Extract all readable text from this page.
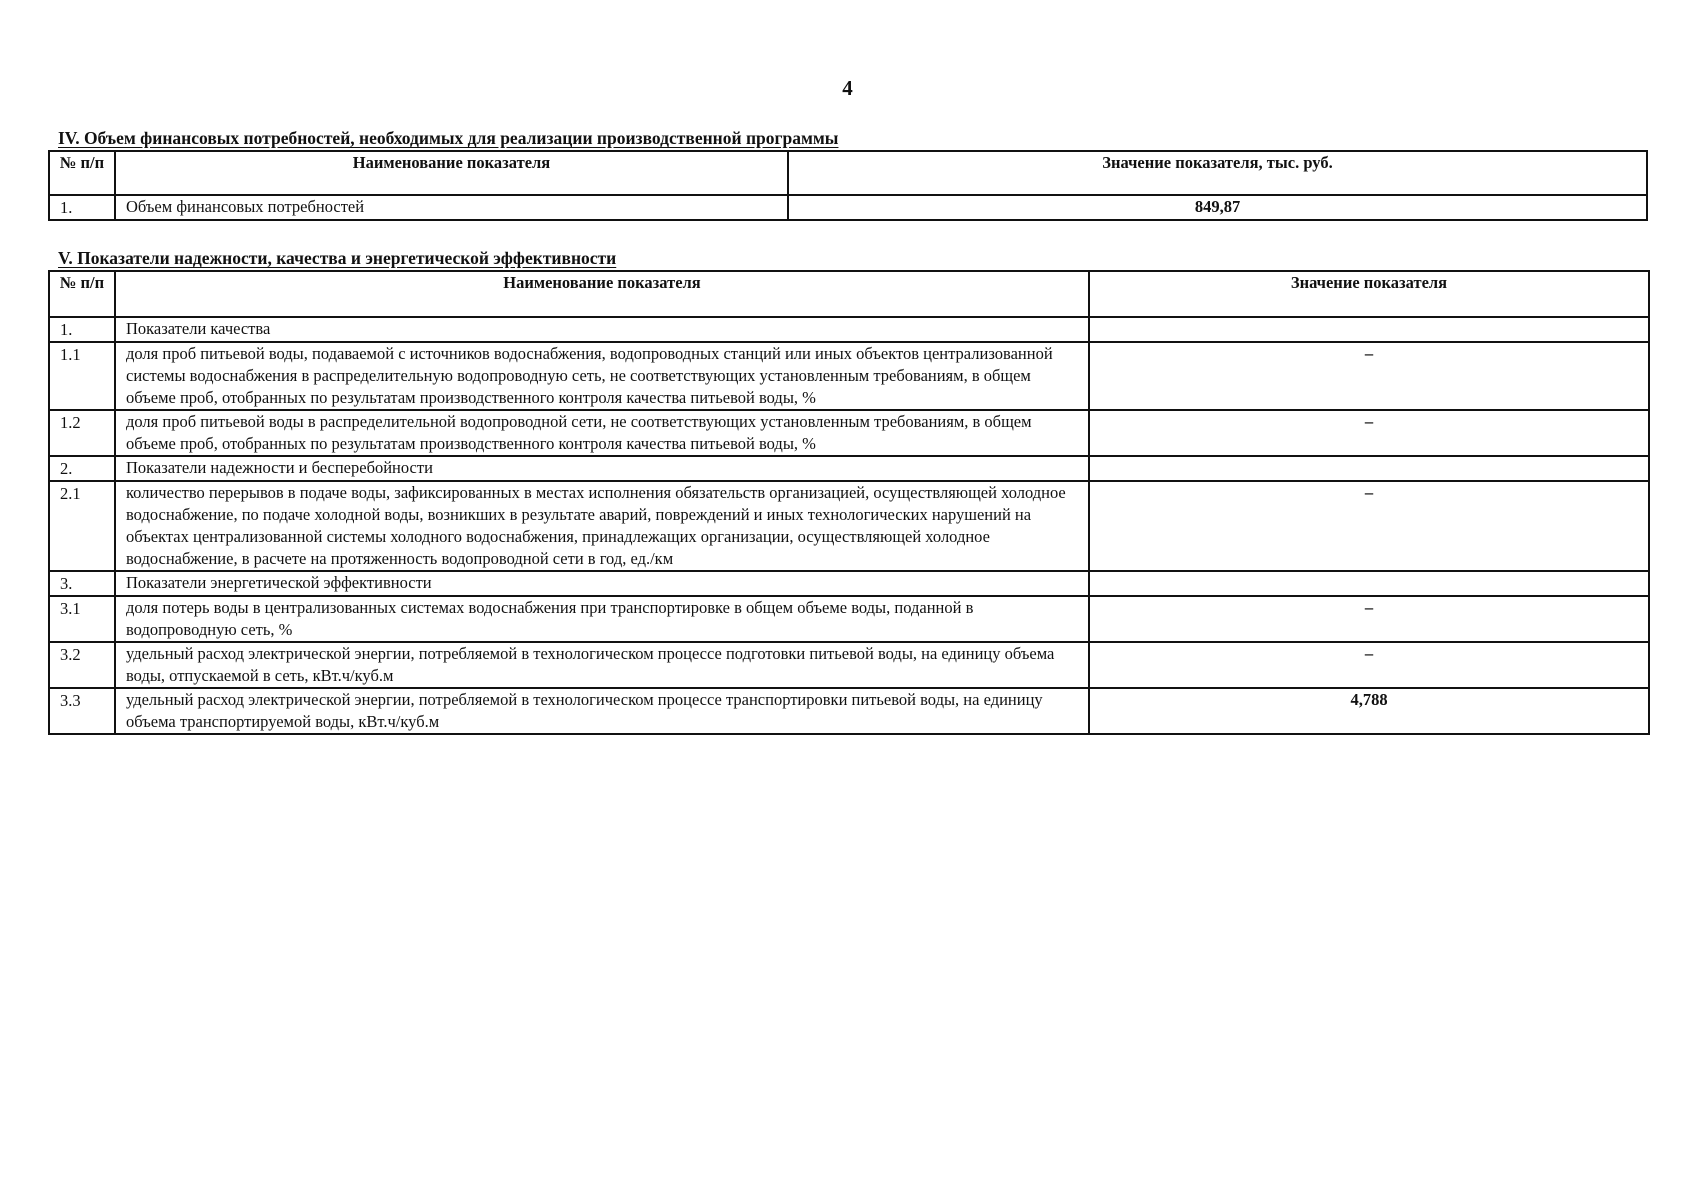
4
IV. Объем финансовых потребностей, необходимых для реализации производственной программы
№ п/п	Наименование показателя	Значение показателя, тыс. руб.
1.	Объем финансовых потребностей	849,87
V. Показатели надежности, качества и энергетической эффективности
№ п/п	Наименование показателя	Значение показателя
1.	Показатели качества	
1.1	доля проб питьевой воды, подаваемой с источников водоснабжения, водопроводных станций или иных объектов централизованной системы водоснабжения в распределительную водопроводную сеть, не соответствующих установленным требованиям, в общем объеме проб, отобранных по результатам производственного контроля качества питьевой воды, %	–
1.2	доля проб питьевой воды в распределительной водопроводной сети, не соответствующих установленным требованиям, в общем объеме проб, отобранных по результатам производственного контроля качества питьевой воды, %	–
2.	Показатели надежности и бесперебойности	
2.1	количество перерывов в подаче воды, зафиксированных в местах исполнения обязательств организацией, осуществляющей холодное водоснабжение, по подаче холодной воды, возникших в результате аварий, повреждений и иных технологических нарушений на объектах централизованной системы холодного водоснабжения, принадлежащих организации, осуществляющей холодное водоснабжение, в расчете на протяженность водопроводной сети в год, ед./км	–
3.	Показатели энергетической эффективности	
3.1	доля потерь воды в централизованных системах водоснабжения при транспортировке в общем объеме воды, поданной в водопроводную сеть, %	–
3.2	удельный расход электрической энергии, потребляемой в технологическом процессе подготовки питьевой воды, на единицу объема воды, отпускаемой в сеть, кВт.ч/куб.м	–
3.3	удельный расход электрической энергии, потребляемой в технологическом процессе транспортировки питьевой воды, на единицу объема транспортируемой воды, кВт.ч/куб.м	4,788
